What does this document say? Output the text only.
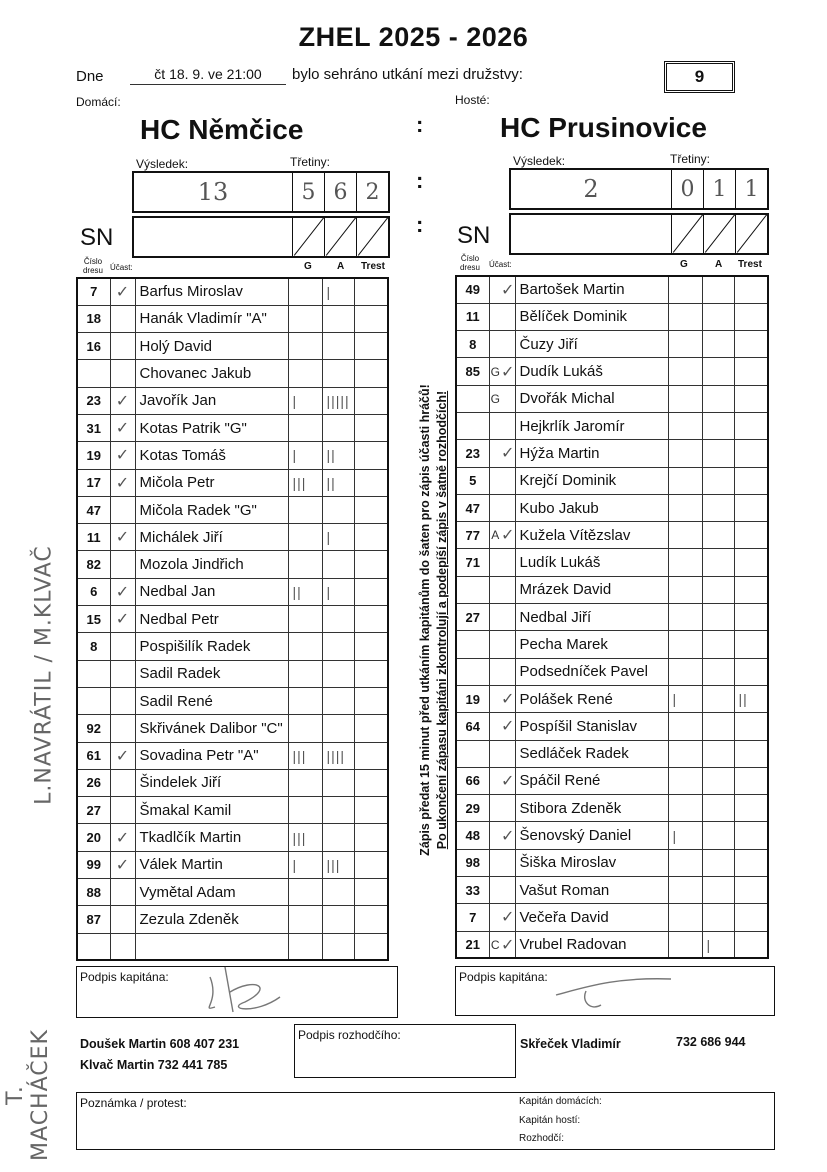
ZHEL 2025 - 2026
Dne	čt 18. 9. ve 21:00	bylo sehráno utkání mezi družstvy:	9
Domácí:	Hosté:
HC Němčice	HC Prusinovice
:
:
:
Výsledek:	Třetiny:	Výsledek:	Třetiny:
13	5 6 2	2	0 1 1
SN	SN
Číslo dresu Účast:	G	A Trest
Číslo dresu	Účast:	G	A Trest
7	✓	Barfus Miroslav		|	
18		Hanák Vladimír "A"			
16		Holý David			
		Chovanec Jakub			
23	✓	Javořík Jan	|	|||||	
31	✓	Kotas Patrik "G"			
19	✓	Kotas Tomáš	|	||	
17	✓	Mičola Petr	|||	||	
47		Mičola Radek "G"			
11	✓	Michálek Jiří		|	
82		Mozola Jindřich			
6	✓	Nedbal Jan	||	|	
15	✓	Nedbal Petr			
8		Pospišilík Radek			
		Sadil Radek			
		Sadil René			
92		Skřivánek Dalibor "C"			
61	✓	Sovadina Petr "A"	|||	||||	
26		Šindelek Jiří			
27		Šmakal Kamil			
20	✓	Tkadlčík Martin	|||		
99	✓	Válek Martin	|	|||	
88		Vymětal Adam			
87		Zezula Zdeněk			

49		✓	Bartošek Martin			
11			Bělíček Dominik			
8			Čuzy Jiří			
85	G	✓	Dudík Lukáš			
	G		Dvořák Michal			
			Hejkrlík Jaromír			
23		✓	Hýža Martin			
5			Krejčí Dominik			
47			Kubo Jakub			
77	A	✓	Kužela Vítězslav			
71			Ludík Lukáš			
			Mrázek David			
27			Nedbal Jiří			
			Pecha Marek			
			Podsedníček Pavel			
19		✓	Polášek René	|		||
64		✓	Pospíšil Stanislav			
			Sedláček Radek			
66		✓	Spáčil René			
29			Stibora Zdeněk			
48		✓	Šenovský Daniel	|		
98			Šiška Miroslav			
33			Vašut Roman			
7		✓	Večeřa David			
21	C	✓	Vrubel Radovan		|	
Zápis předat 15 minut před utkáním kapitánům do šaten pro zápis účasti hráčů! Po ukončení zápasu kapitáni zkontrolují a podepíší zápis v šatně rozhodčích!
Podpis kapitána:	Podpis kapitána:
Doušek Martin 608 407 231
Klvač Martin 732 441 785
Podpis rozhodčího:
Skřeček Vladimír	732 686 944
Poznámka / protest:	Kapitán domácích:
Kapitán hostí:
Rozhodčí:
T. MACHÁČEK
L.NAVRÁTIL / M.KLVAČ
